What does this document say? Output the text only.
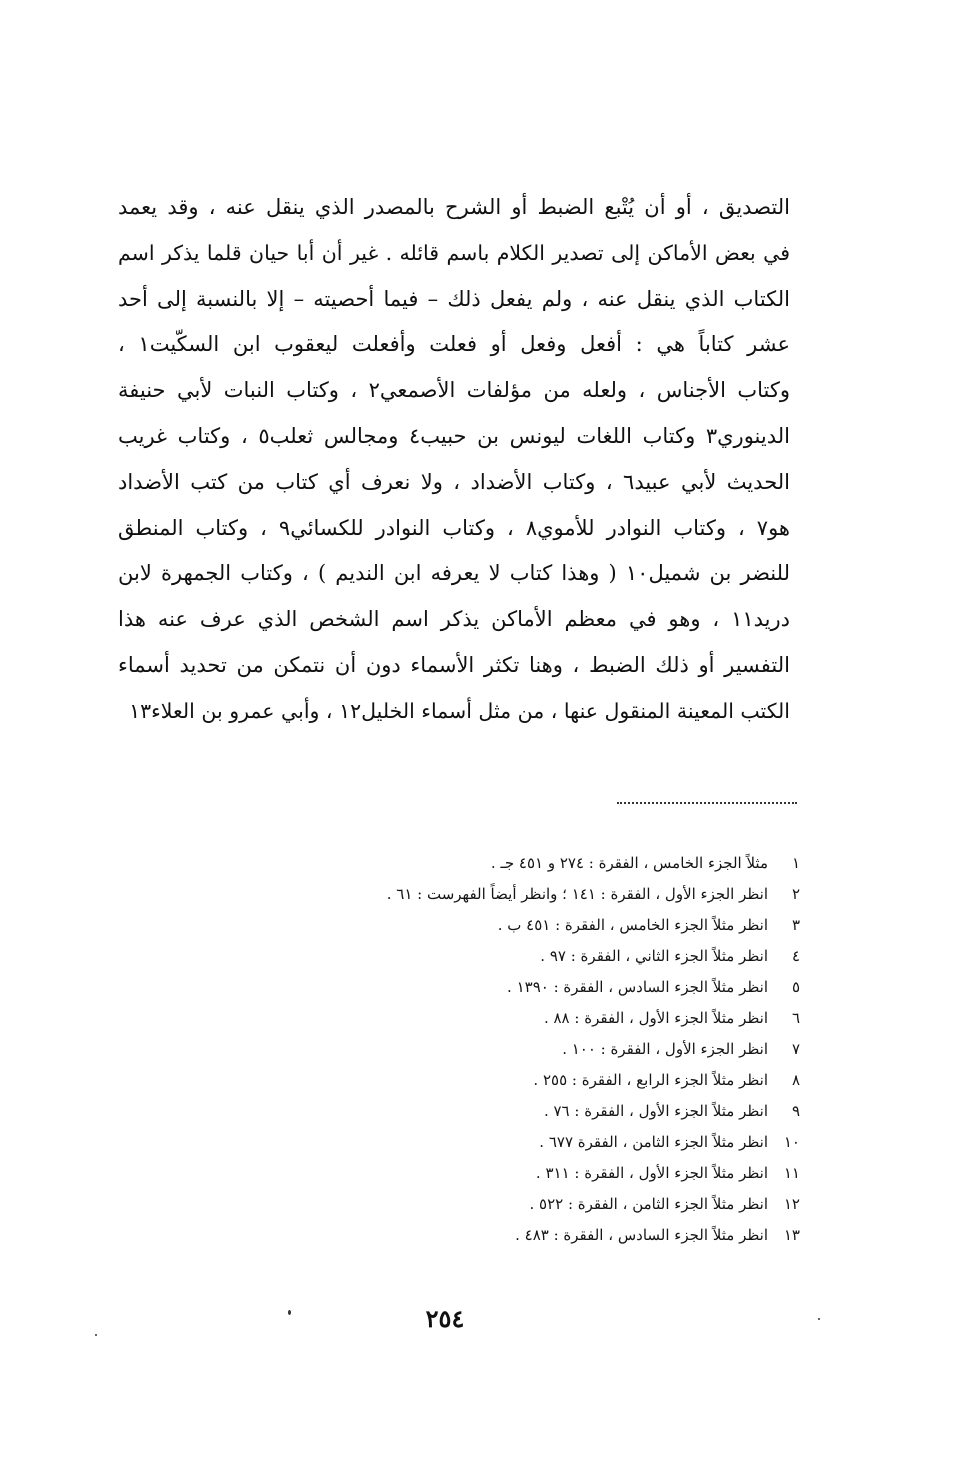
التصديق ، أو أن يُتْبع الضبط أو الشرح بالمصدر الذي ينقل عنه ، وقد يعمد
في بعض الأماكن إلى تصدير الكلام باسم قائله . غير أن أبا حيان قلما يذكر اسم
الكتاب الذي ينقل عنه ، ولم يفعل ذلك – فيما أحصيته – إلا بالنسبة إلى أحد
عشر كتاباً هي : أفعل وفعل أو فعلت وأفعلت ليعقوب ابن السكّيت١ ،
وكتاب الأجناس ، ولعله من مؤلفات الأصمعي٢ ، وكتاب النبات لأبي حنيفة
الدينوري٣ وكتاب اللغات ليونس بن حبيب٤ ومجالس ثعلب٥ ، وكتاب غريب
الحديث لأبي عبيد٦ ، وكتاب الأضداد ، ولا نعرف أي كتاب من كتب الأضداد
هو٧ ، وكتاب النوادر للأموي٨ ، وكتاب النوادر للكسائي٩ ، وكتاب المنطق
للنضر بن شميل١٠ ( وهذا كتاب لا يعرفه ابن النديم ) ، وكتاب الجمهرة لابن
دريد١١ ، وهو في معظم الأماكن يذكر اسم الشخص الذي عرف عنه هذا
التفسير أو ذلك الضبط ، وهنا تكثر الأسماء دون أن نتمكن من تحديد أسماء
الكتب المعينة المنقول عنها ، من مثل أسماء الخليل١٢ ، وأبي عمرو بن العلاء١٣
١
مثلاً الجزء الخامس ، الفقرة : ٢٧٤ و ٤٥١ جـ .
٢
انظر الجزء الأول ، الفقرة : ١٤١ ؛ وانظر أيضاً الفهرست : ٦١ .
٣
انظر مثلاً الجزء الخامس ، الفقرة : ٤٥١ ب .
٤
انظر مثلاً الجزء الثاني ، الفقرة : ٩٧ .
٥
انظر مثلاً الجزء السادس ، الفقرة : ١٣٩٠ .
٦
انظر مثلاً الجزء الأول ، الفقرة : ٨٨ .
٧
انظر الجزء الأول ، الفقرة : ١٠٠ .
٨
انظر مثلاً الجزء الرابع ، الفقرة : ٢٥٥ .
٩
انظر مثلاً الجزء الأول ، الفقرة : ٧٦ .
١٠
انظر مثلاً الجزء الثامن ، الفقرة ٦٧٧ .
١١
انظر مثلاً الجزء الأول ، الفقرة : ٣١١ .
١٢
انظر مثلاً الجزء الثامن ، الفقرة : ٥٢٢ .
١٣
انظر مثلاً الجزء السادس ، الفقرة : ٤٨٣ .
٢٥٤
